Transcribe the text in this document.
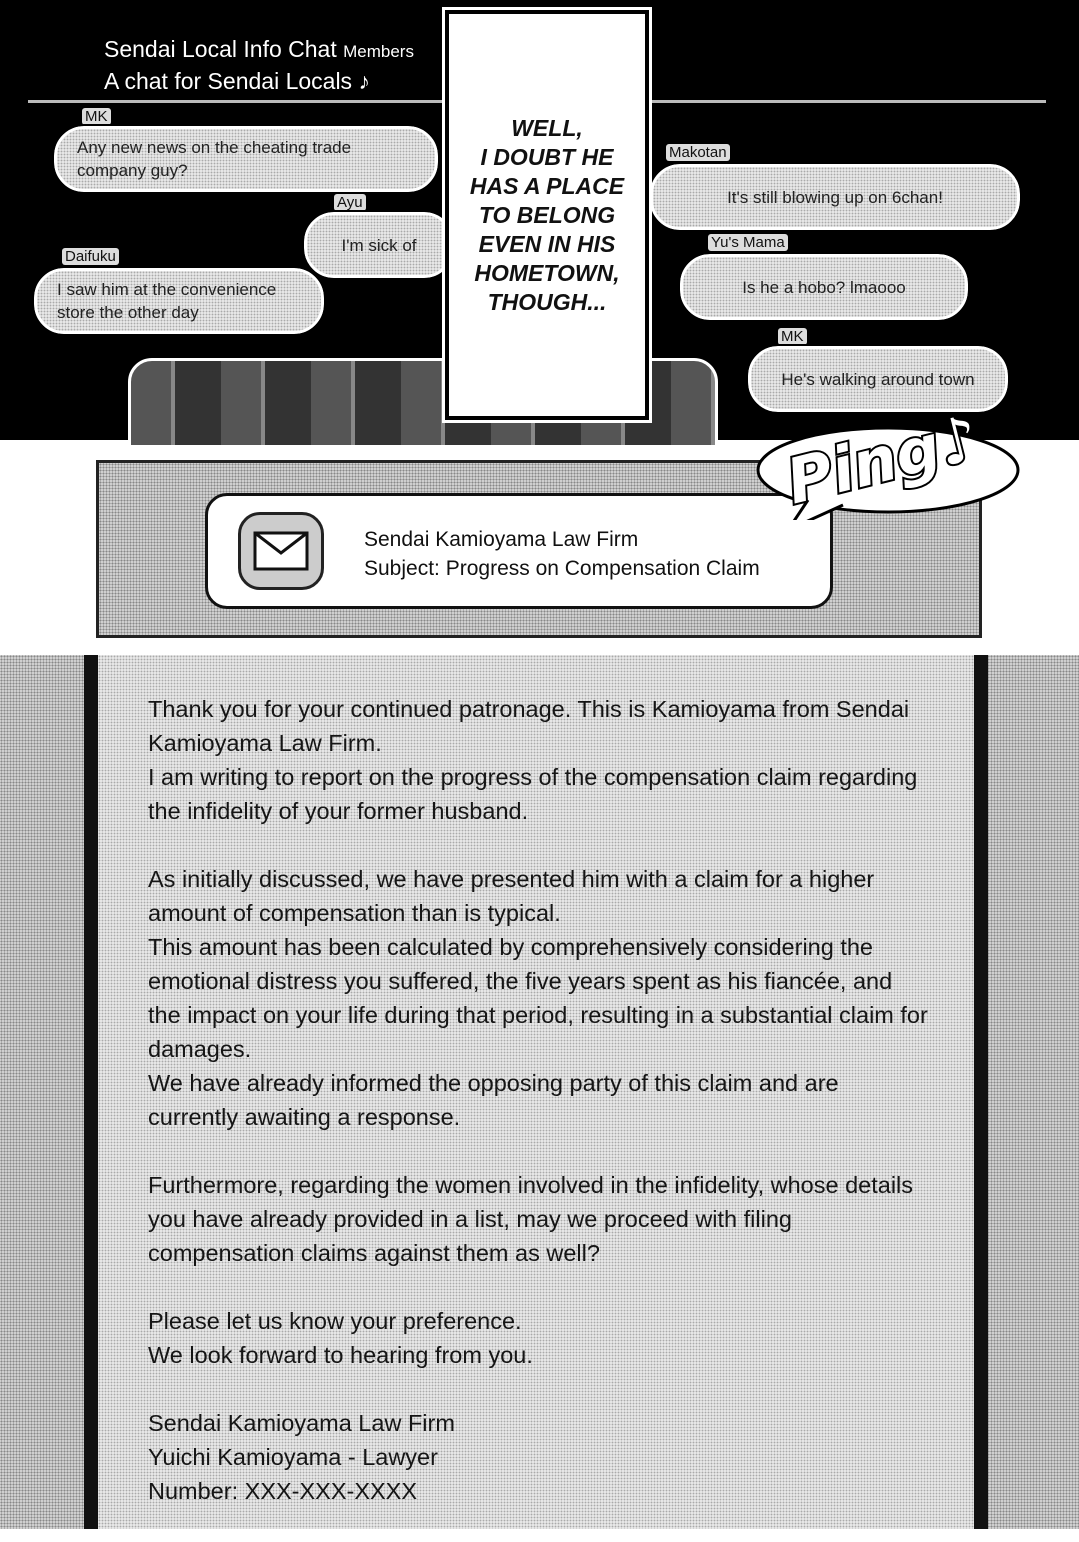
Sendai Local Info Chat Members
A chat for Sendai Locals ♪
MK
Any new news on the cheating trade company guy?
Ayu
I'm sick of
Daifuku
I saw him at the convenience store the other day
Makotan
It's still blowing up on 6chan!
Yu's Mama
Is he a hobo? lmaooo
MK
He's walking around town
WELL,
I DOUBT HE
HAS A PLACE
TO BELONG
EVEN IN HIS
HOMETOWN,
THOUGH...
Sendai Kamioyama Law Firm
Subject: Progress on Compensation Claim
Ping♪

Thank you for your continued patronage. This is Kamioyama from Sendai Kamioyama Law Firm.
I am writing to report on the progress of the compensation claim regarding the infidelity of your former husband.

As initially discussed, we have presented him with a claim for a higher amount of compensation than is typical.
This amount has been calculated by comprehensively considering the emotional distress you suffered, the five years spent as his fiancée, and the impact on your life during that period, resulting in a substantial claim for damages.
We have already informed the opposing party of this claim and are currently awaiting a response.

Furthermore, regarding the women involved in the infidelity, whose details you have already provided in a list, may we proceed with filing compensation claims against them as well?

Please let us know your preference.
We look forward to hearing from you.

Sendai Kamioyama Law Firm
Yuichi Kamioyama - Lawyer
Number: XXX-XXX-XXXX
